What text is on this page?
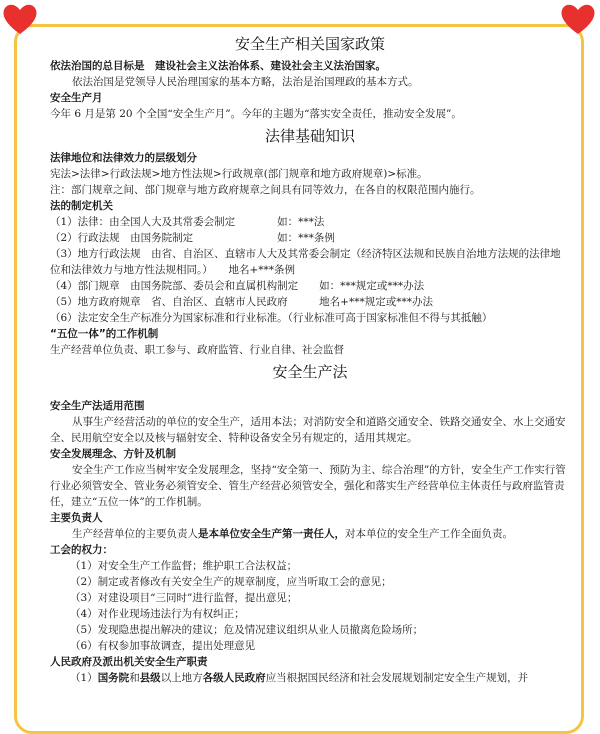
安全生产相关国家政策

依法治国的总目标是　建设社会主义法治体系、建设社会主义法治国家。

依法治国是党领导人民治理国家的基本方略，法治是治国理政的基本方式。

安全生产月

今年 6 月是第 20 个全国“安全生产月”。今年的主题为“落实安全责任，推动安全发展”。

法律基础知识

法律地位和法律效力的层级划分

宪法>法律>行政法规>地方性法规>行政规章(部门规章和地方政府规章)>标准。

注：部门规章之间、部门规章与地方政府规章之间具有同等效力，在各自的权限范围内施行。

法的制定机关

（1）法律：由全国人大及其常委会制定　　　　如：***法

（2）行政法规　由国务院制定　　　　　　　　如：***条例

（3）地方行政法规　由省、自治区、直辖市人大及其常委会制定（经济特区法规和民族自治地方法规的法律地位和法律效力与地方性法规相同。）　　地名+***条例

（4）部门规章　由国务院部、委员会和直属机构制定　　如：***规定或***办法

（5）地方政府规章　省、自治区、直辖市人民政府　　　地名+***规定或***办法

（6）法定安全生产标准分为国家标准和行业标准。（行业标准可高于国家标准但不得与其抵触）

“五位一体”的工作机制

生产经营单位负责、职工参与、政府监管、行业自律、社会监督

安全生产法

安全生产法适用范围

从事生产经营活动的单位的安全生产，适用本法；对消防安全和道路交通安全、铁路交通安全、水上交通安全、民用航空安全以及核与辐射安全、特种设备安全另有规定的，适用其规定。

安全发展理念、方针及机制

安全生产工作应当树牢安全发展理念，坚持“安全第一、预防为主、综合治理”的方针，安全生产工作实行管行业必须管安全、管业务必须管安全、管生产经营必须管安全，强化和落实生产经营单位主体责任与政府监管责任，建立“五位一体”的工作机制。

主要负责人

生产经营单位的主要负责人是本单位安全生产第一责任人，对本单位的安全生产工作全面负责。

工会的权力：

（1）对安全生产工作监督；维护职工合法权益；

（2）制定或者修改有关安全生产的规章制度，应当听取工会的意见；

（3）对建设项目“三同时”进行监督，提出意见；

（4）对作业现场违法行为有权纠正；

（5）发现隐患提出解决的建议；危及情况建议组织从业人员撤离危险场所；

（6）有权参加事故调查，提出处理意见

人民政府及派出机关安全生产职责

（1）国务院和县级以上地方各级人民政府应当根据国民经济和社会发展规划制定安全生产规划，并
